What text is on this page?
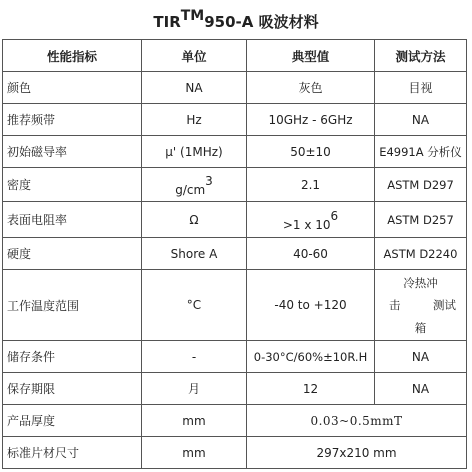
TIRTM950-A 吸波材料
性能指标	单位	典型值	测试方法
颜色	NA	灰色	目视
推荐频带	Hz	10GHz - 6GHz	NA
初始磁导率	μ' (1MHz)	50±10	E4991A 分析仪
密度	g/cm3	2.1	ASTM D297
表面电阻率	Ω	>1 x 106	ASTM D257
硬度	Shore A	40-60	ASTM D2240
工作温度范围	°C	-40 to +120	冷热冲
击 测试
箱

储存条件	-	0-30°C/60%±10R.H	NA
保存期限	月	12	NA
产品厚度	mm	0.03~0.5mmT	
标准片材尺寸	mm	297x210 mm	
